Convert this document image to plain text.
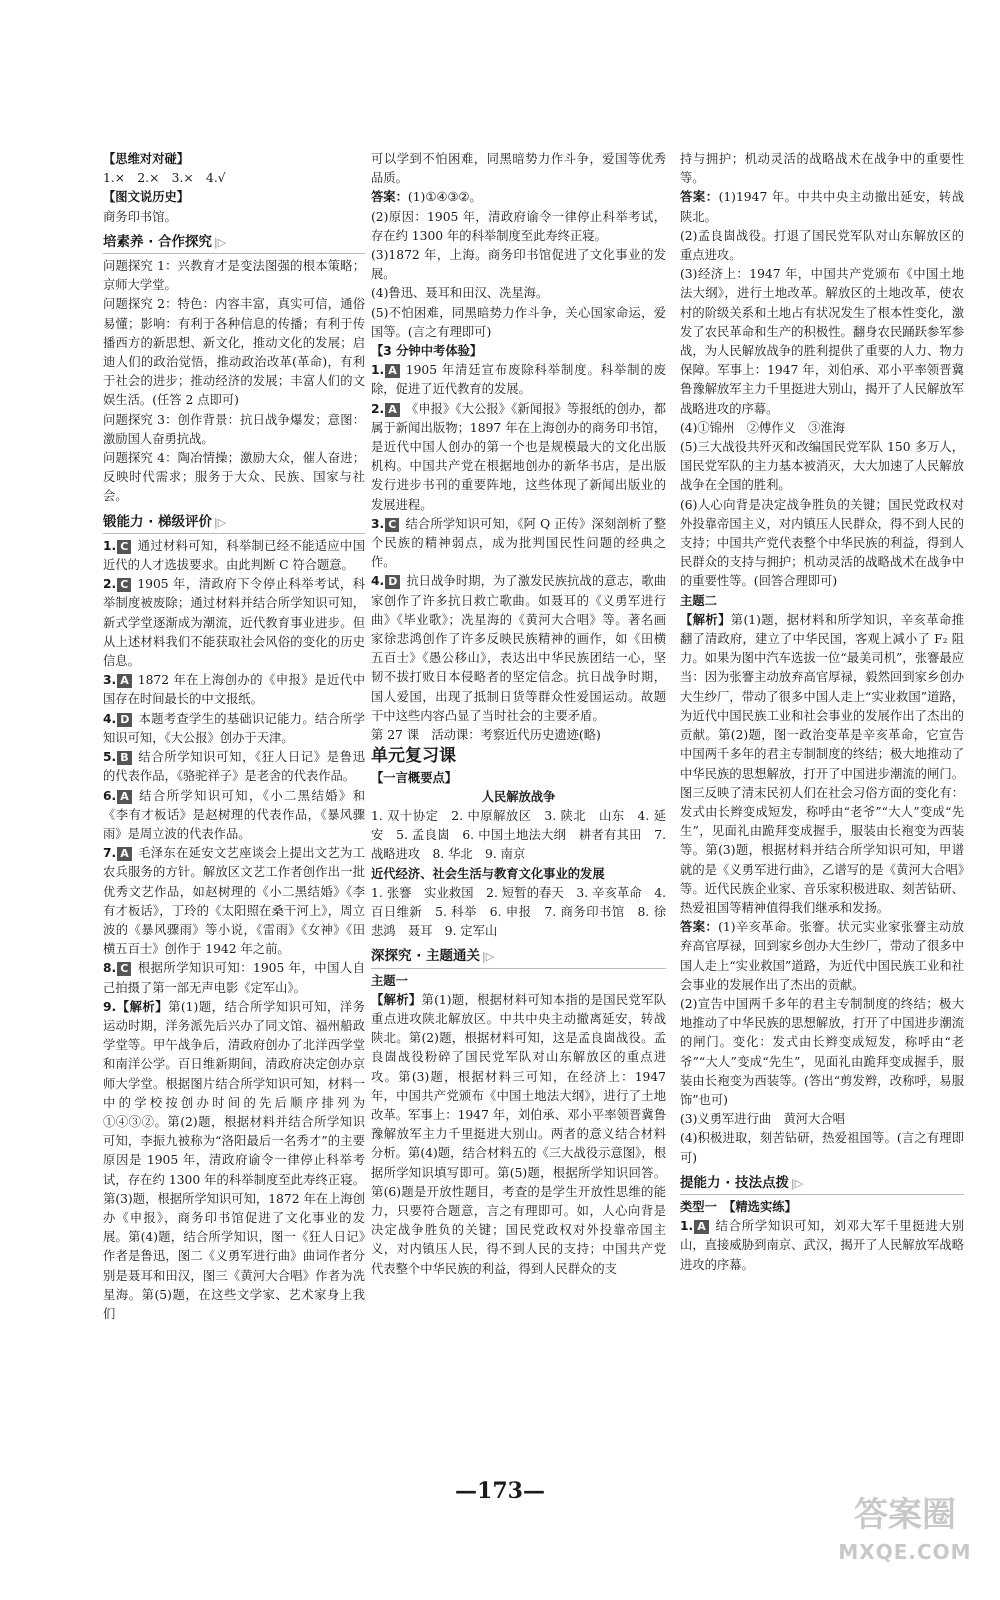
【思维对对碰】

1.×　2.×　3.×　4.√

【图文说历史】

商务印书馆。

培素养 · 合作探究 |▷

问题探究 1：兴教育才是变法图强的根本策略；京师大学堂。

问题探究 2：特色：内容丰富，真实可信，通俗易懂；影响：有利于各种信息的传播；有利于传播西方的新思想、新文化，推动文化的发展；启迪人们的政治觉悟，推动政治改革(革命)，有利于社会的进步；推动经济的发展；丰富人们的文娱生活。(任答 2 点即可)

问题探究 3：创作背景：抗日战争爆发；意图：激励国人奋勇抗战。

问题探究 4：陶冶情操；激励大众，催人奋进；反映时代需求；服务于大众、民族、国家与社会。

锻能力 · 梯级评价 |▷

1. C 通过材料可知，科举制已经不能适应中国近代的人才选拔要求。由此判断 C 符合题意。

2. C 1905 年，清政府下令停止科举考试，科举制度被废除；通过材料并结合所学知识可知，新式学堂逐渐成为潮流，近代教育事业进步。但从上述材料我们不能获取社会风俗的变化的历史信息。

3. A 1872 年在上海创办的《申报》是近代中国存在时间最长的中文报纸。

4. D 本题考查学生的基础识记能力。结合所学知识可知，《大公报》创办于天津。

5. B 结合所学知识可知，《狂人日记》是鲁迅的代表作品，《骆驼祥子》是老舍的代表作品。

6. A 结合所学知识可知，《小二黑结婚》和《李有才板话》是赵树理的代表作品，《暴风骤雨》是周立波的代表作品。

7. A 毛泽东在延安文艺座谈会上提出文艺为工农兵服务的方针。解放区文艺工作者创作出一批优秀文艺作品，如赵树理的《小二黑结婚》《李有才板话》，丁玲的《太阳照在桑干河上》，周立波的《暴风骤雨》等小说，《雷雨》《女神》《田横五百士》创作于 1942 年之前。

8. C 根据所学知识可知：1905 年，中国人自己拍摄了第一部无声电影《定军山》。

9.【解析】第(1)题，结合所学知识可知，洋务运动时期，洋务派先后兴办了同文馆、福州船政学堂等。甲午战争后，清政府创办了北洋西学堂和南洋公学。百日维新期间，清政府决定创办京师大学堂。根据图片结合所学知识可知，材料一中的学校按创办时间的先后顺序排列为①④③②。第(2)题，根据材料并结合所学知识可知，李振九被称为“洛阳最后一名秀才”的主要原因是 1905 年，清政府谕令一律停止科举考试，存在约 1300 年的科举制度至此寿终正寝。第(3)题，根据所学知识可知，1872 年在上海创办《申报》，商务印书馆促进了文化事业的发展。第(4)题，结合所学知识，图一《狂人日记》作者是鲁迅，图二《义勇军进行曲》曲词作者分别是聂耳和田汉，图三《黄河大合唱》作者为冼星海。第(5)题，在这些文学家、艺术家身上我们

可以学到不怕困难，同黑暗势力作斗争，爱国等优秀品质。

答案：(1)①④③②。

(2)原因：1905 年，清政府谕令一律停止科举考试，存在约 1300 年的科举制度至此寿终正寝。

(3)1872 年，上海。商务印书馆促进了文化事业的发展。

(4)鲁迅、聂耳和田汉、冼星海。

(5)不怕困难，同黑暗势力作斗争，关心国家命运，爱国等。(言之有理即可)

【3 分钟中考体验】

1. A 1905 年清廷宣布废除科举制度。科举制的废除，促进了近代教育的发展。

2. A 《申报》《大公报》《新闻报》等报纸的创办，都属于新闻出版物；1897 年在上海创办的商务印书馆，是近代中国人创办的第一个也是规模最大的文化出版机构。中国共产党在根据地创办的新华书店，是出版发行进步书刊的重要阵地，这些体现了新闻出版业的发展进程。

3. C 结合所学知识可知，《阿 Q 正传》深刻剖析了整个民族的精神弱点，成为批判国民性问题的经典之作。

4. D 抗日战争时期，为了激发民族抗战的意志，歌曲家创作了许多抗日救亡歌曲。如聂耳的《义勇军进行曲》《毕业歌》；冼星海的《黄河大合唱》等。著名画家徐悲鸿创作了许多反映民族精神的画作，如《田横五百士》《愚公移山》，表达出中华民族团结一心，坚韧不拔打败日本侵略者的坚定信念。抗日战争时期，国人爱国，出现了抵制日货等群众性爱国运动。故题干中这些内容凸显了当时社会的主要矛盾。

第 27 课　活动课：考察近代历史遗迹(略)

单元复习课

【一言概要点】

人民解放战争

1. 双十协定　2. 中原解放区　3. 陕北　山东　4. 延安　5. 孟良崮　6. 中国土地法大纲　耕者有其田　7. 战略进攻　8. 华北　9. 南京

近代经济、社会生活与教育文化事业的发展

1. 张謇　实业救国　2. 短暂的春天　3. 辛亥革命　4. 百日维新　5. 科举　6. 申报　7. 商务印书馆　8. 徐悲鸿　聂耳　9. 定军山

深探究 · 主题通关 |▷

主题一

【解析】第(1)题，根据材料可知本指的是国民党军队重点进攻陕北解放区。中共中央主动撤离延安，转战陕北。第(2)题，根据材料可知，这是孟良崮战役。孟良崮战役粉碎了国民党军队对山东解放区的重点进攻。第(3)题，根据材料三可知，在经济上：1947 年，中国共产党颁布《中国土地法大纲》，进行了土地改革。军事上：1947 年，刘伯承、邓小平率领晋冀鲁豫解放军主力千里挺进大别山。两者的意义结合材料分析。第(4)题，结合材料五的《三大战役示意图》，根据所学知识填写即可。第(5)题，根据所学知识回答。第(6)题是开放性题目，考查的是学生开放性思维的能力，只要符合题意，言之有理即可。如，人心向背是决定战争胜负的关键；国民党政权对外投靠帝国主义，对内镇压人民，得不到人民的支持；中国共产党代表整个中华民族的利益，得到人民群众的支

持与拥护；机动灵活的战略战术在战争中的重要性等。

答案：(1)1947 年。中共中央主动撤出延安，转战陕北。

(2)孟良崮战役。打退了国民党军队对山东解放区的重点进攻。

(3)经济上：1947 年，中国共产党颁布《中国土地法大纲》，进行土地改革。解放区的土地改革，使农村的阶级关系和土地占有状况发生了根本性变化，激发了农民革命和生产的积极性。翻身农民踊跃参军参战，为人民解放战争的胜利提供了重要的人力、物力保障。军事上：1947 年，刘伯承、邓小平率领晋冀鲁豫解放军主力千里挺进大别山，揭开了人民解放军战略进攻的序幕。

(4)①锦州　②傅作义　③淮海

(5)三大战役共歼灭和改编国民党军队 150 多万人，国民党军队的主力基本被消灭，大大加速了人民解放战争在全国的胜利。

(6)人心向背是决定战争胜负的关键；国民党政权对外投靠帝国主义，对内镇压人民群众，得不到人民的支持；中国共产党代表整个中华民族的利益，得到人民群众的支持与拥护；机动灵活的战略战术在战争中的重要性等。(回答合理即可)

主题二

【解析】第(1)题，据材料和所学知识，辛亥革命推翻了清政府，建立了中华民国，客观上减小了 F₂ 阻力。如果为图中汽车选拔一位“最美司机”，张謇最应当：因为张謇主动放弃高官厚禄，毅然回到家乡创办大生纱厂，带动了很多中国人走上“实业救国”道路，为近代中国民族工业和社会事业的发展作出了杰出的贡献。第(2)题，图一政治变革是辛亥革命，它宣告中国两千多年的君主专制制度的终结；极大地推动了中华民族的思想解放，打开了中国进步潮流的闸门。图三反映了清末民初人们在社会习俗方面的变化有：发式由长辫变成短发，称呼由“老爷”“大人”变成“先生”，见面礼由跪拜变成握手，服装由长袍变为西装等。第(3)题，根据材料并结合所学知识可知，甲谱就的是《义勇军进行曲》，乙谱写的是《黄河大合唱》等。近代民族企业家、音乐家积极进取、刻苦钻研、热爱祖国等精神值得我们继承和发扬。

答案：(1)辛亥革命。张謇。状元实业家张謇主动放弃高官厚禄，回到家乡创办大生纱厂，带动了很多中国人走上“实业救国”道路，为近代中国民族工业和社会事业的发展作出了杰出的贡献。

(2)宣告中国两千多年的君主专制制度的终结；极大地推动了中华民族的思想解放，打开了中国进步潮流的闸门。变化：发式由长辫变成短发，称呼由“老爷”“大人”变成“先生”，见面礼由跪拜变成握手，服装由长袍变为西装等。(答出“剪发辫，改称呼，易服饰”也可)

(3)义勇军进行曲　黄河大合唱

(4)积极进取，刻苦钻研，热爱祖国等。(言之有理即可)

提能力 · 技法点拨 |▷

类型一　 【精选实练】

1. A 结合所学知识可知，刘邓大军千里挺进大别山，直接威胁到南京、武汉，揭开了人民解放军战略进攻的序幕。

—173—
答案圈
MXQE.COM
